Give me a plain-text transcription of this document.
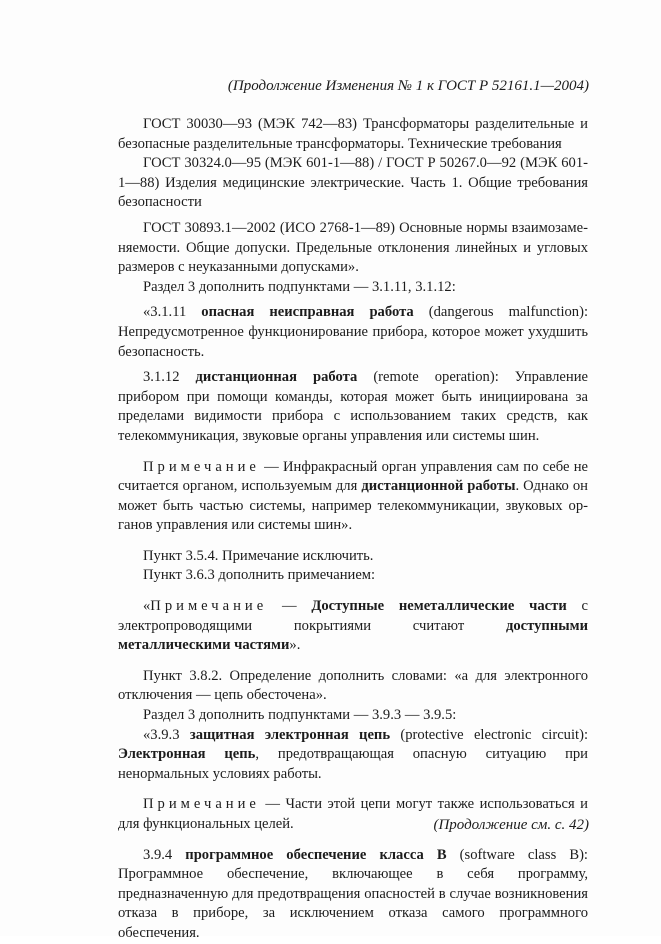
(Продолжение Изменения № 1 к ГОСТ Р 52161.1—2004)

ГОСТ 30030—93 (МЭК 742—83) Трансформаторы разделительные и безопасные разделительные трансформаторы. Технические требования

ГОСТ 30324.0—95 (МЭК 601-1—88) / ГОСТ Р 50267.0—92 (МЭК 601-1—88) Изделия медицинские электрические. Часть 1. Общие требования безопасности

ГОСТ 30893.1—2002 (ИСО 2768-1—89) Основные нормы взаимозаменяемости. Общие допуски. Предельные отклонения линейных и угловых размеров с неуказанными допусками».

Раздел 3 дополнить подпунктами — 3.1.11, 3.1.12:

«3.1.11 опасная неисправная работа (dangerous malfunction): Непредусмотренное функционирование прибора, которое может ухудшить безопасность.

3.1.12 дистанционная работа (remote operation): Управление прибором при помощи команды, которая может быть инициирована за пределами видимости прибора с использованием таких средств, как телекоммуникация, звуковые органы управления или системы шин.

Примечание — Инфракрасный орган управления сам по себе не считается органом, используемым для дистанционной работы. Однако он может быть частью системы, например телекоммуникации, звуковых органов управления или системы шин».

Пункт 3.5.4. Примечание исключить.

Пункт 3.6.3 дополнить примечанием:

«Примечание — Доступные неметаллические части с электропроводящими покрытиями считают доступными металлическими частями».

Пункт 3.8.2. Определение дополнить словами: «а для электронного отключения — цепь обесточена».

Раздел 3 дополнить подпунктами — 3.9.3 — 3.9.5:

«3.9.3 защитная электронная цепь (protective electronic circuit): Электронная цепь, предотвращающая опасную ситуацию при ненормальных условиях работы.

Примечание — Части этой цепи могут также использоваться и для функциональных целей.

3.9.4 программное обеспечение класса В (software class В): Программное обеспечение, включающее в себя программу, предназначенную для предотвращения опасностей в случае возникновения отказа в приборе, за исключением отказа самого программного обеспечения.

(Продолжение см. с. 42)
